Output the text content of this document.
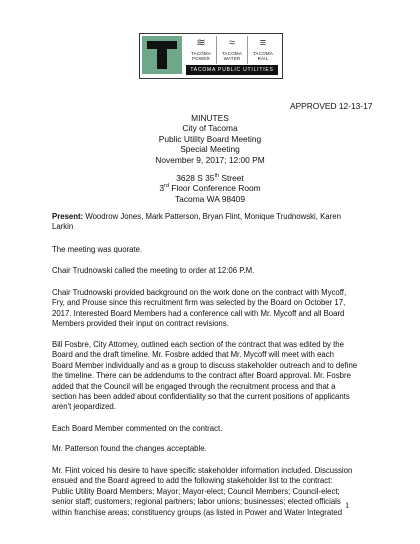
≋
TACOMA
POWER
≈
TACOMA
WATER
≡
TACOMA
RAIL
TACOMA PUBLIC UTILITIES
APPROVED 12-13-17
MINUTES
City of Tacoma
Public Utility Board Meeting
Special Meeting
November 9, 2017; 12:00 PM
3628 S 35th Street
3rd Floor Conference Room
Tacoma WA 98409
Present: Woodrow Jones, Mark Patterson, Bryan Flint, Monique Trudnowski, Karen
Larkin
The meeting was quorate.
Chair Trudnowski called the meeting to order at 12:06 P.M.
Chair Trudnowski provided background on the work done on the contract with Mycoff,
Fry, and Prouse since this recruitment firm was selected by the Board on October 17,
2017. Interested Board Members had a conference call with Mr. Mycoff and all Board
Members provided their input on contract revisions.
Bill Fosbre, City Attorney, outlined each section of the contract that was edited by the
Board and the draft timeline. Mr. Fosbre added that Mr. Mycoff will meet with each
Board Member individually and as a group to discuss stakeholder outreach and to define
the timeline. There can be addendums to the contract after Board approval. Mr. Fosbre
added that the Council will be engaged through the recruitment process and that a
section has been added about confidentiality so that the current positions of applicants
aren't jeopardized.
Each Board Member commented on the contract.
Mr. Patterson found the changes acceptable.
Mr. Flint voiced his desire to have specific stakeholder information included. Discussion
ensued and the Board agreed to add the following stakeholder list to the contract:
Public Utility Board Members; Mayor; Mayor-elect; Council Members; Council-elect;
senior staff; customers; regional partners; labor unions; businesses; elected officials
within franchise areas; constituency groups (as listed in Power and Water Integrated
1
